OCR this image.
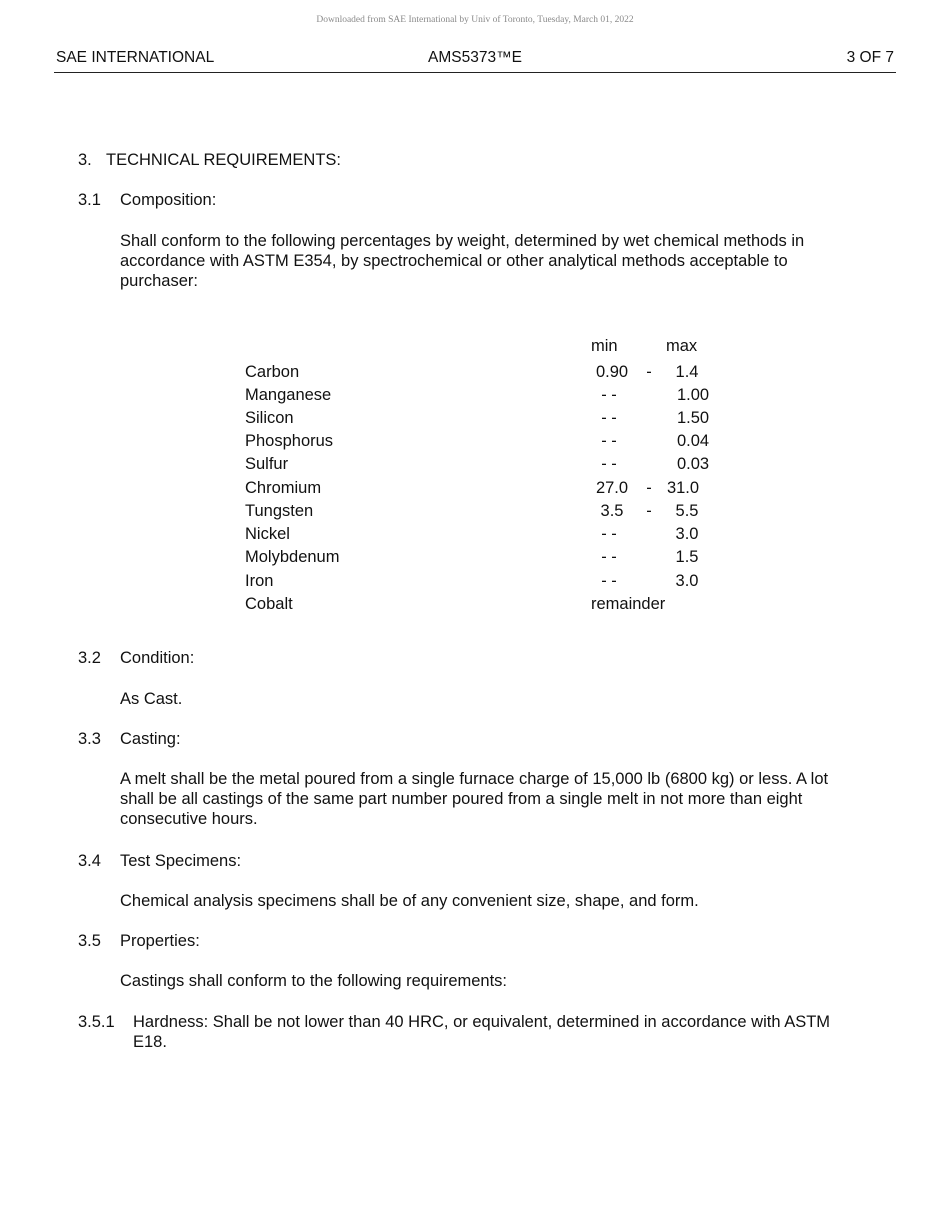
Downloaded from SAE International by Univ of Toronto, Tuesday, March 01, 2022
SAE INTERNATIONAL	AMS5373™E	3 OF 7
3. TECHNICAL REQUIREMENTS:
3.1 Composition:
Shall conform to the following percentages by weight, determined by wet chemical methods in accordance with ASTM E354, by spectrochemical or other analytical methods acceptable to purchaser:
min	max
Carbon	0.90 -	1.4
Manganese	- -	1.00
Silicon	- -	1.50
Phosphorus	- -	0.04
Sulfur	- -	0.03
Chromium	27.0 - 31.0
Tungsten	3.5	-	5.5
Nickel	- -	3.0
Molybdenum	- -	1.5
Iron	- -	3.0
Cobalt	remainder
3.2 Condition:
As Cast.
3.3 Casting:
A melt shall be the metal poured from a single furnace charge of 15,000 lb (6800 kg) or less. A lot shall be all castings of the same part number poured from a single melt in not more than eight consecutive hours.
3.4 Test Specimens:
Chemical analysis specimens shall be of any convenient size, shape, and form.
3.5 Properties:
Castings shall conform to the following requirements:
3.5.1 Hardness: Shall be not lower than 40 HRC, or equivalent, determined in accordance with ASTM E18.
